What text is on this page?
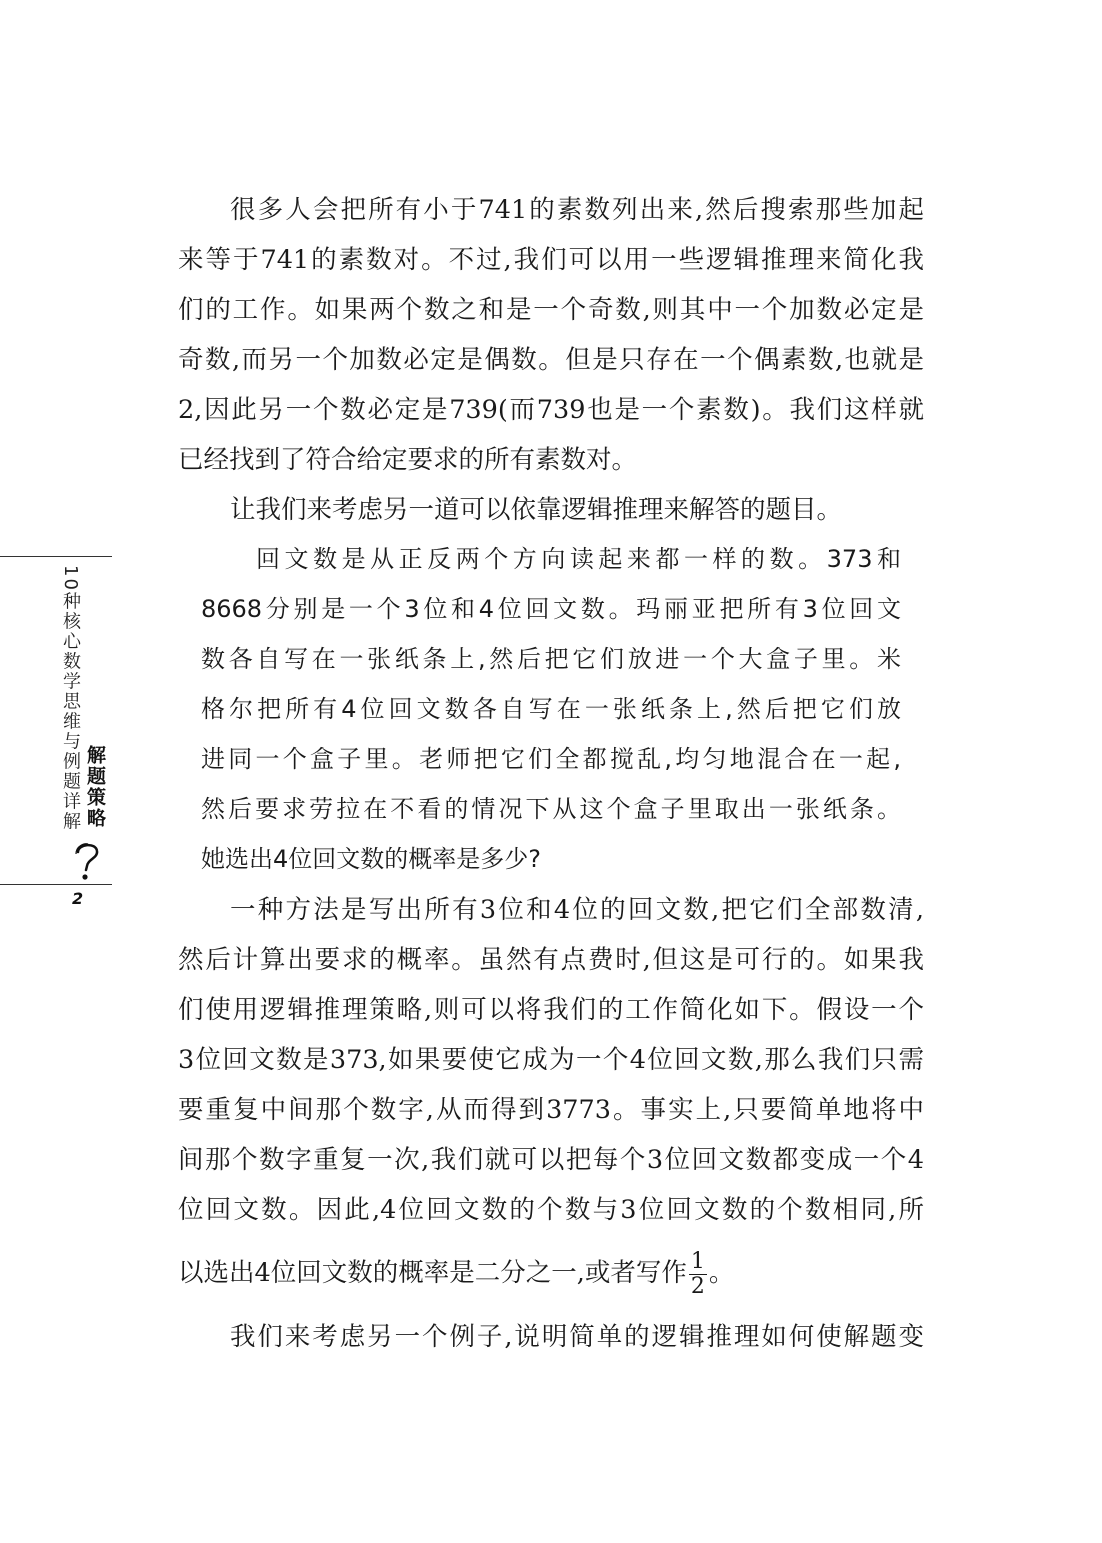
10种核心数学思维与例题详解 解题策略

2

很多人会把所有小于741的素数列出来,然后搜索那些加起

来等于741的素数对。不过,我们可以用一些逻辑推理来简化我

们的工作。如果两个数之和是一个奇数,则其中一个加数必定是

奇数,而另一个加数必定是偶数。但是只存在一个偶素数,也就是

2,因此另一个数必定是739(而739也是一个素数)。我们这样就

已经找到了符合给定要求的所有素数对。

让我们来考虑另一道可以依靠逻辑推理来解答的题目。

回文数是从正反两个方向读起来都一样的数。373和

8668分别是一个3位和4位回文数。玛丽亚把所有3位回文

数各自写在一张纸条上,然后把它们放进一个大盒子里。米

格尔把所有4位回文数各自写在一张纸条上,然后把它们放

进同一个盒子里。老师把它们全都搅乱,均匀地混合在一起,

然后要求劳拉在不看的情况下从这个盒子里取出一张纸条。

她选出4位回文数的概率是多少?

一种方法是写出所有3位和4位的回文数,把它们全部数清,

然后计算出要求的概率。虽然有点费时,但这是可行的。如果我

们使用逻辑推理策略,则可以将我们的工作简化如下。假设一个

3位回文数是373,如果要使它成为一个4位回文数,那么我们只需

要重复中间那个数字,从而得到3773。事实上,只要简单地将中

间那个数字重复一次,我们就可以把每个3位回文数都变成一个4

位回文数。因此,4位回文数的个数与3位回文数的个数相同,所

以选出4位回文数的概率是二分之一,或者写作 $\frac{1}{2}$ 。

我们来考虑另一个例子,说明简单的逻辑推理如何使解题变
